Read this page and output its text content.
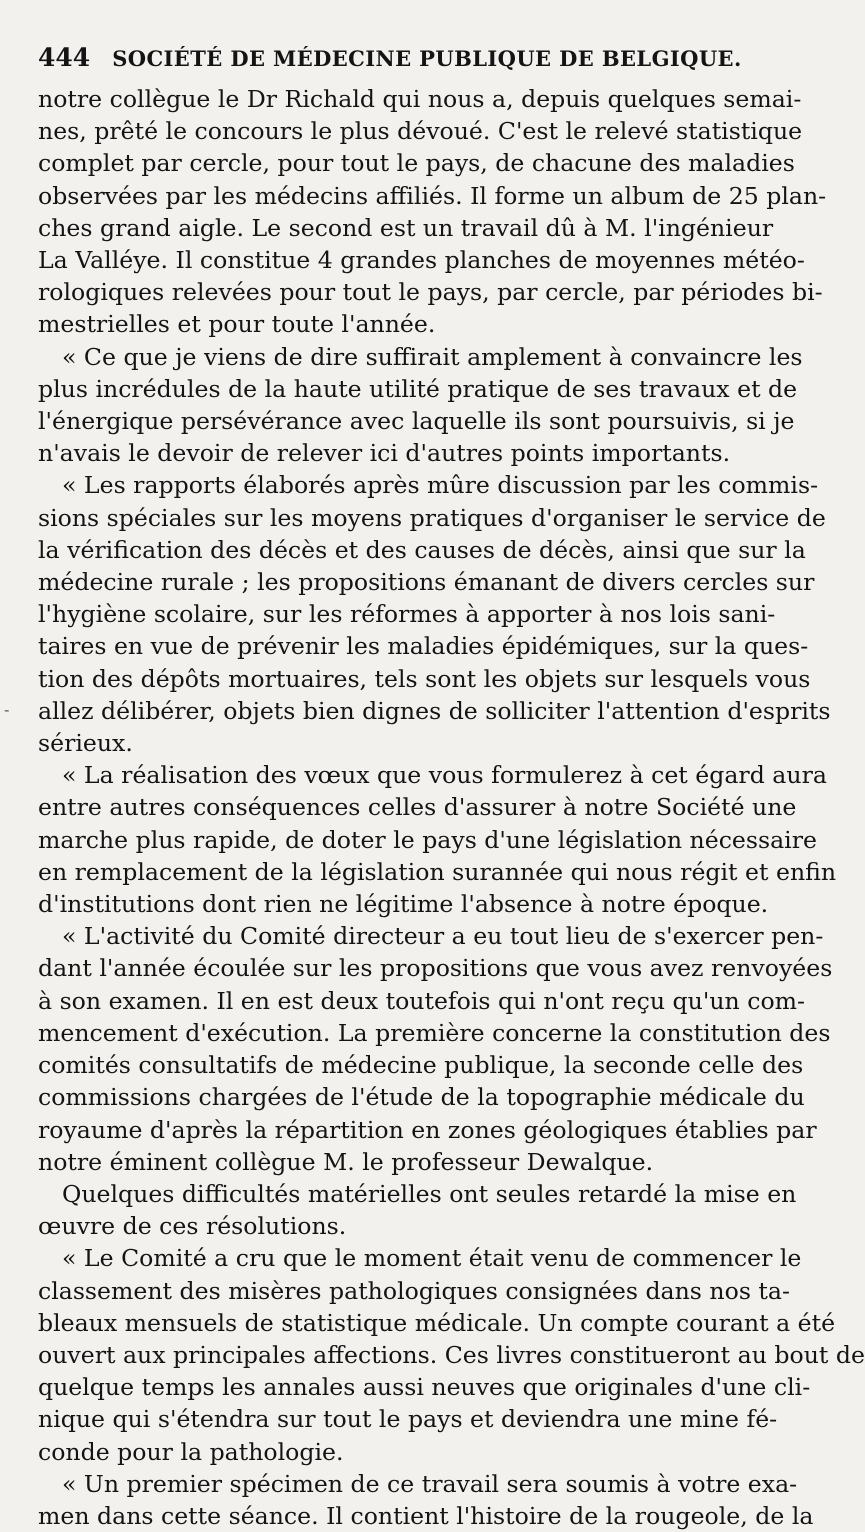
444 SOCIÉTÉ DE MÉDECINE PUBLIQUE DE BELGIQUE.
notre collègue le Dr Richald qui nous a, depuis quelques semai-
nes, prêté le concours le plus dévoué. C'est le relevé statistique
complet par cercle, pour tout le pays, de chacune des maladies
observées par les médecins affiliés. Il forme un album de 25 plan-
ches grand aigle. Le second est un travail dû à M. l'ingénieur
La Valléye. Il constitue 4 grandes planches de moyennes météo-
rologiques relevées pour tout le pays, par cercle, par périodes bi-
mestrielles et pour toute l'année.
« Ce que je viens de dire suffirait amplement à convaincre les
plus incrédules de la haute utilité pratique de ses travaux et de
l'énergique persévérance avec laquelle ils sont poursuivis, si je
n'avais le devoir de relever ici d'autres points importants.
« Les rapports élaborés après mûre discussion par les commis-
sions spéciales sur les moyens pratiques d'organiser le service de
la vérification des décès et des causes de décès, ainsi que sur la
médecine rurale ; les propositions émanant de divers cercles sur
l'hygiène scolaire, sur les réformes à apporter à nos lois sani-
taires en vue de prévenir les maladies épidémiques, sur la ques-
tion des dépôts mortuaires, tels sont les objets sur lesquels vous
allez délibérer, objets bien dignes de solliciter l'attention d'esprits
sérieux.
« La réalisation des vœux que vous formulerez à cet égard aura
entre autres conséquences celles d'assurer à notre Société une
marche plus rapide, de doter le pays d'une législation nécessaire
en remplacement de la législation surannée qui nous régit et enfin
d'institutions dont rien ne légitime l'absence à notre époque.
« L'activité du Comité directeur a eu tout lieu de s'exercer pen-
dant l'année écoulée sur les propositions que vous avez renvoyées
à son examen. Il en est deux toutefois qui n'ont reçu qu'un com-
mencement d'exécution. La première concerne la constitution des
comités consultatifs de médecine publique, la seconde celle des
commissions chargées de l'étude de la topographie médicale du
royaume d'après la répartition en zones géologiques établies par
notre éminent collègue M. le professeur Dewalque.
Quelques difficultés matérielles ont seules retardé la mise en
œuvre de ces résolutions.
« Le Comité a cru que le moment était venu de commencer le
classement des misères pathologiques consignées dans nos ta-
bleaux mensuels de statistique médicale. Un compte courant a été
ouvert aux principales affections. Ces livres constitueront au bout de
quelque temps les annales aussi neuves que originales d'une cli-
nique qui s'étendra sur tout le pays et deviendra une mine fé-
conde pour la pathologie.
« Un premier spécimen de ce travail sera soumis à votre exa-
men dans cette séance. Il contient l'histoire de la rougeole, de la
-
